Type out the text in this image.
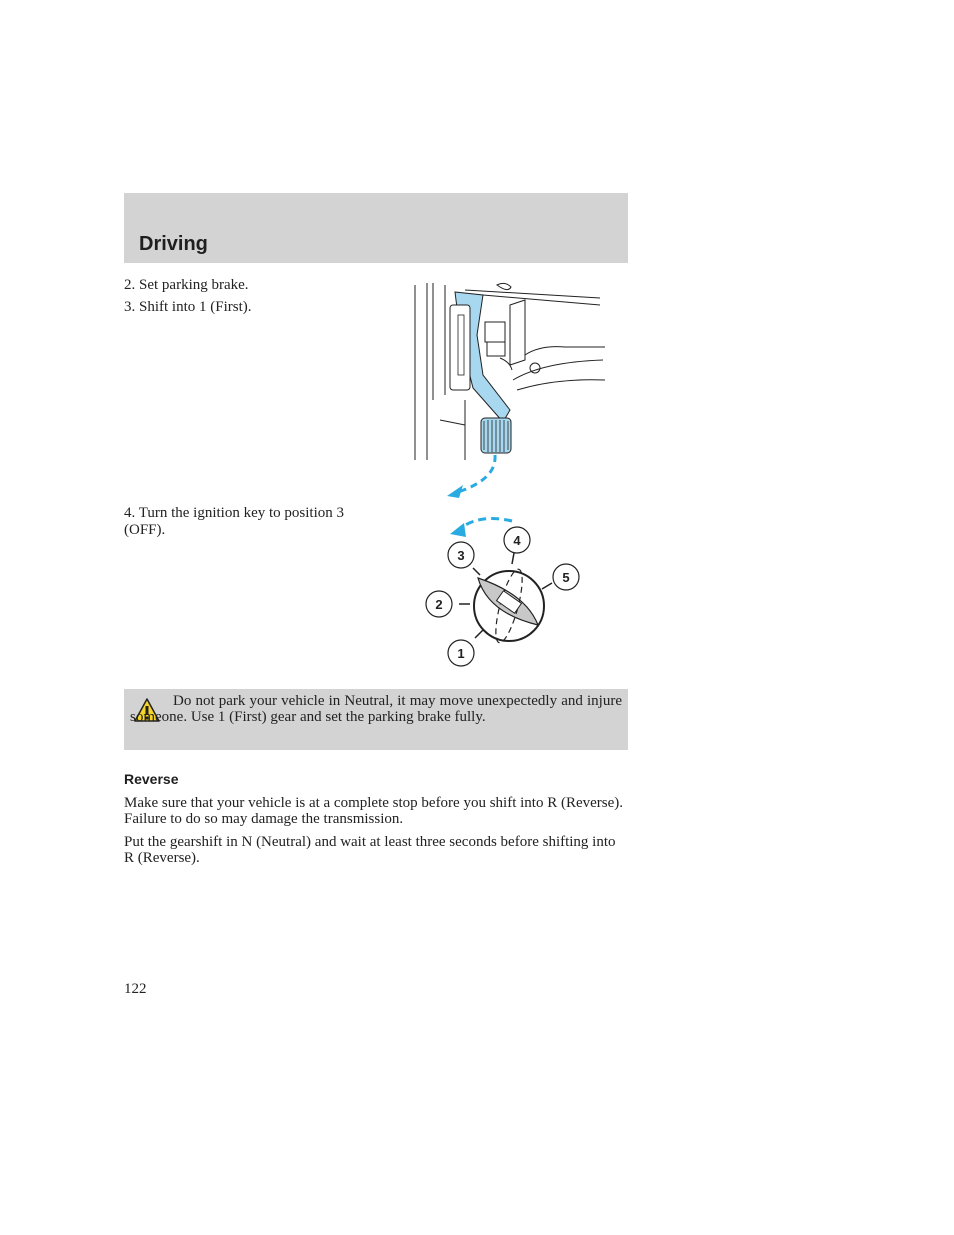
Driving
2. Set parking brake.
3. Shift into 1 (First).
4. Turn the ignition key to position 3 (OFF).
1
2
3
4
5
Do not park your vehicle in Neutral, it may move unexpectedly and injure someone. Use 1 (First) gear and set the parking brake fully.
Reverse
Make sure that your vehicle is at a complete stop before you shift into R (Reverse). Failure to do so may damage the transmission.
Put the gearshift in N (Neutral) and wait at least three seconds before shifting into R (Reverse).
122
